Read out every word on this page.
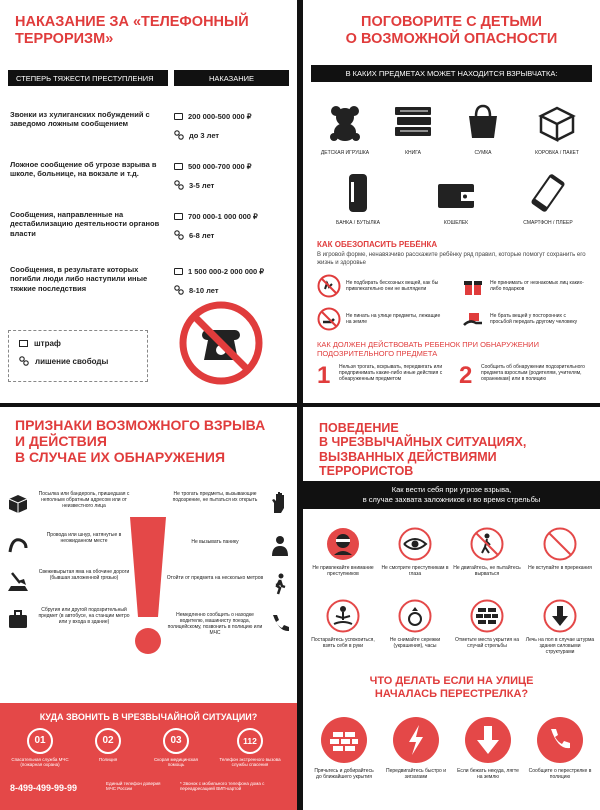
НАКАЗАНИЕ ЗА «ТЕЛЕФОННЫЙ ТЕРРОРИЗМ»
СТЕПЕРЬ ТЯЖЕСТИ ПРЕСТУПЛЕНИЯ	НАКАЗАНИЕ
Звонки из хулиганских побуждений с заведомо ложным сообщением
200 000-500 000 ₽
до 3 лет
Ложное сообщение об угрозе взрыва в школе, больнице, на вокзале и т.д.
500 000-700 000 ₽
3-5 лет
Сообщения, направленные на дестабилизацию деятельности органов власти
700 000-1 000 000 ₽
6-8 лет
Сообщения, в результате которых погибли люди либо наступили иные тяжкие последствия
1 500 000-2 000 000 ₽
8-10 лет
штраф
лишение свободы
ПОГОВОРИТЕ С ДЕТЬМИ
О ВОЗМОЖНОЙ ОПАСНОСТИ
В КАКИХ ПРЕДМЕТАХ МОЖЕТ НАХОДИТСЯ ВЗРЫВЧАТКА:
ДЕТСКАЯ ИГРУШКА	КНИГА	СУМКА	КОРОБКА / ПАКЕТ
БАНКА / БУТЫЛКА	КОШЕЛЕК	СМАРТФОН / ПЛЕЕР
КАК ОБЕЗОПАСИТЬ РЕБЁНКА
В игровой форме, ненавязчиво расскажите ребёнку ряд правил, которые помогут сохранить его жизнь и здоровье
Не подбирать бесхозных вещей, как бы привлекательно они не выглядели
Не принимать от незнакомых лиц каких-либо подарков
Не пинать на улице предметы, лежащие на земле
Не брать вещей у посторонних с просьбой передать другому человеку
КАК ДОЛЖЕН ДЕЙСТВОВАТЬ РЕБЕНОК ПРИ ОБНАРУЖЕНИИ ПОДОЗРИТЕЛЬНОГО ПРЕДМЕТА
1	Нельзя трогать, вскрывать, передвигать или предпринимать какие-либо иные действия с обнаруженным предметом	2	Сообщить об обнаружении подозрительного предмета взрослым (родителям, учителям, охранникам) или в полицию
ПРИЗНАКИ ВОЗМОЖНОГО ВЗРЫВА
И ДЕЙСТВИЯ
В СЛУЧАЕ ИХ ОБНАРУЖЕНИЯ
Посылка или бандероль, пришедшая с неполным обратным адресом или от неизвестного лица
Провода или шнур, натянутые в неожиданном месте
Свежевырытая яма на обочине дороги (бывшая заложенной грязью)
Сбругия или другой подозрительный предмет (в автобусе, на станции метро или у входа в здание)
Не трогать предметы, вызывающие подозрение, не пытаться их открыть
Не вызывать панику
Отойти от предмета на несколько метров
Немедленно сообщить о находке водителю, машинисту поезда, полицейскому, позвонить в полицию или МЧС
КУДА ЗВОНИТЬ В ЧРЕЗВЫЧАЙНОЙ СИТУАЦИИ?
01
Спасательная служба МЧС (пожарная охрана)
02
Полиция
03
Скорая медицинская помощь
112
Телефон экстренного вызова службы спасения
8-499-499-99-99	Единый телефон доверия МЧС России
* Звонок с мобильного телефона дома с переадресацией ВИП-картой
ПОВЕДЕНИЕ
В ЧРЕЗВЫЧАЙНЫХ СИТУАЦИЯХ,
ВЫЗВАННЫХ ДЕЙСТВИЯМИ ТЕРРОРИСТОВ
Как вести себя при угрозе взрыва,
в случае захвата заложников и во время стрельбы
Не привлекайте внимание преступников
Не смотрите преступникам в глаза
Не двигайтесь, не пытайтесь вырваться
Не вступайте в пререкания
Постарайтесь успокоиться, взять себя в руки
Не снимайте сережки (украшения), часы
Отметьте места укрытия на случай стрельбы
Лечь на пол в случае штурма здания силовыми структурами
ЧТО ДЕЛАТЬ ЕСЛИ НА УЛИЦЕ
НАЧАЛАСЬ ПЕРЕСТРЕЛКА?
Прячьтесь и добирайтесь до ближайшего укрытия
Передвигайтесь быстро и зигзагами
Если бежать некуда, лягте на землю
Сообщите о перестрелке в полицию
